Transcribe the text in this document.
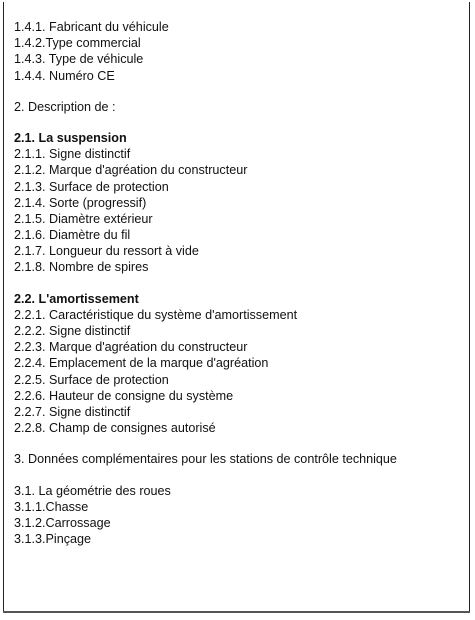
1.4.1. Fabricant du véhicule
1.4.2.Type commercial
1.4.3. Type de véhicule
1.4.4. Numéro CE
2. Description de :
2.1. La suspension
2.1.1. Signe distinctif
2.1.2. Marque d'agréation du constructeur
2.1.3. Surface de protection
2.1.4. Sorte (progressif)
2.1.5. Diamètre extérieur
2.1.6. Diamètre du fil
2.1.7. Longueur du ressort à vide
2.1.8. Nombre de spires
2.2. L'amortissement
2.2.1. Caractéristique du système d'amortissement
2.2.2. Signe distinctif
2.2.3. Marque d'agréation du constructeur
2.2.4. Emplacement de la marque d'agréation
2.2.5. Surface de protection
2.2.6. Hauteur de consigne du système
2.2.7. Signe distinctif
2.2.8. Champ de consignes autorisé
3. Données complémentaires pour les stations de contrôle technique
3.1. La géométrie des roues
3.1.1.Chasse
3.1.2.Carrossage
3.1.3.Pinçage
